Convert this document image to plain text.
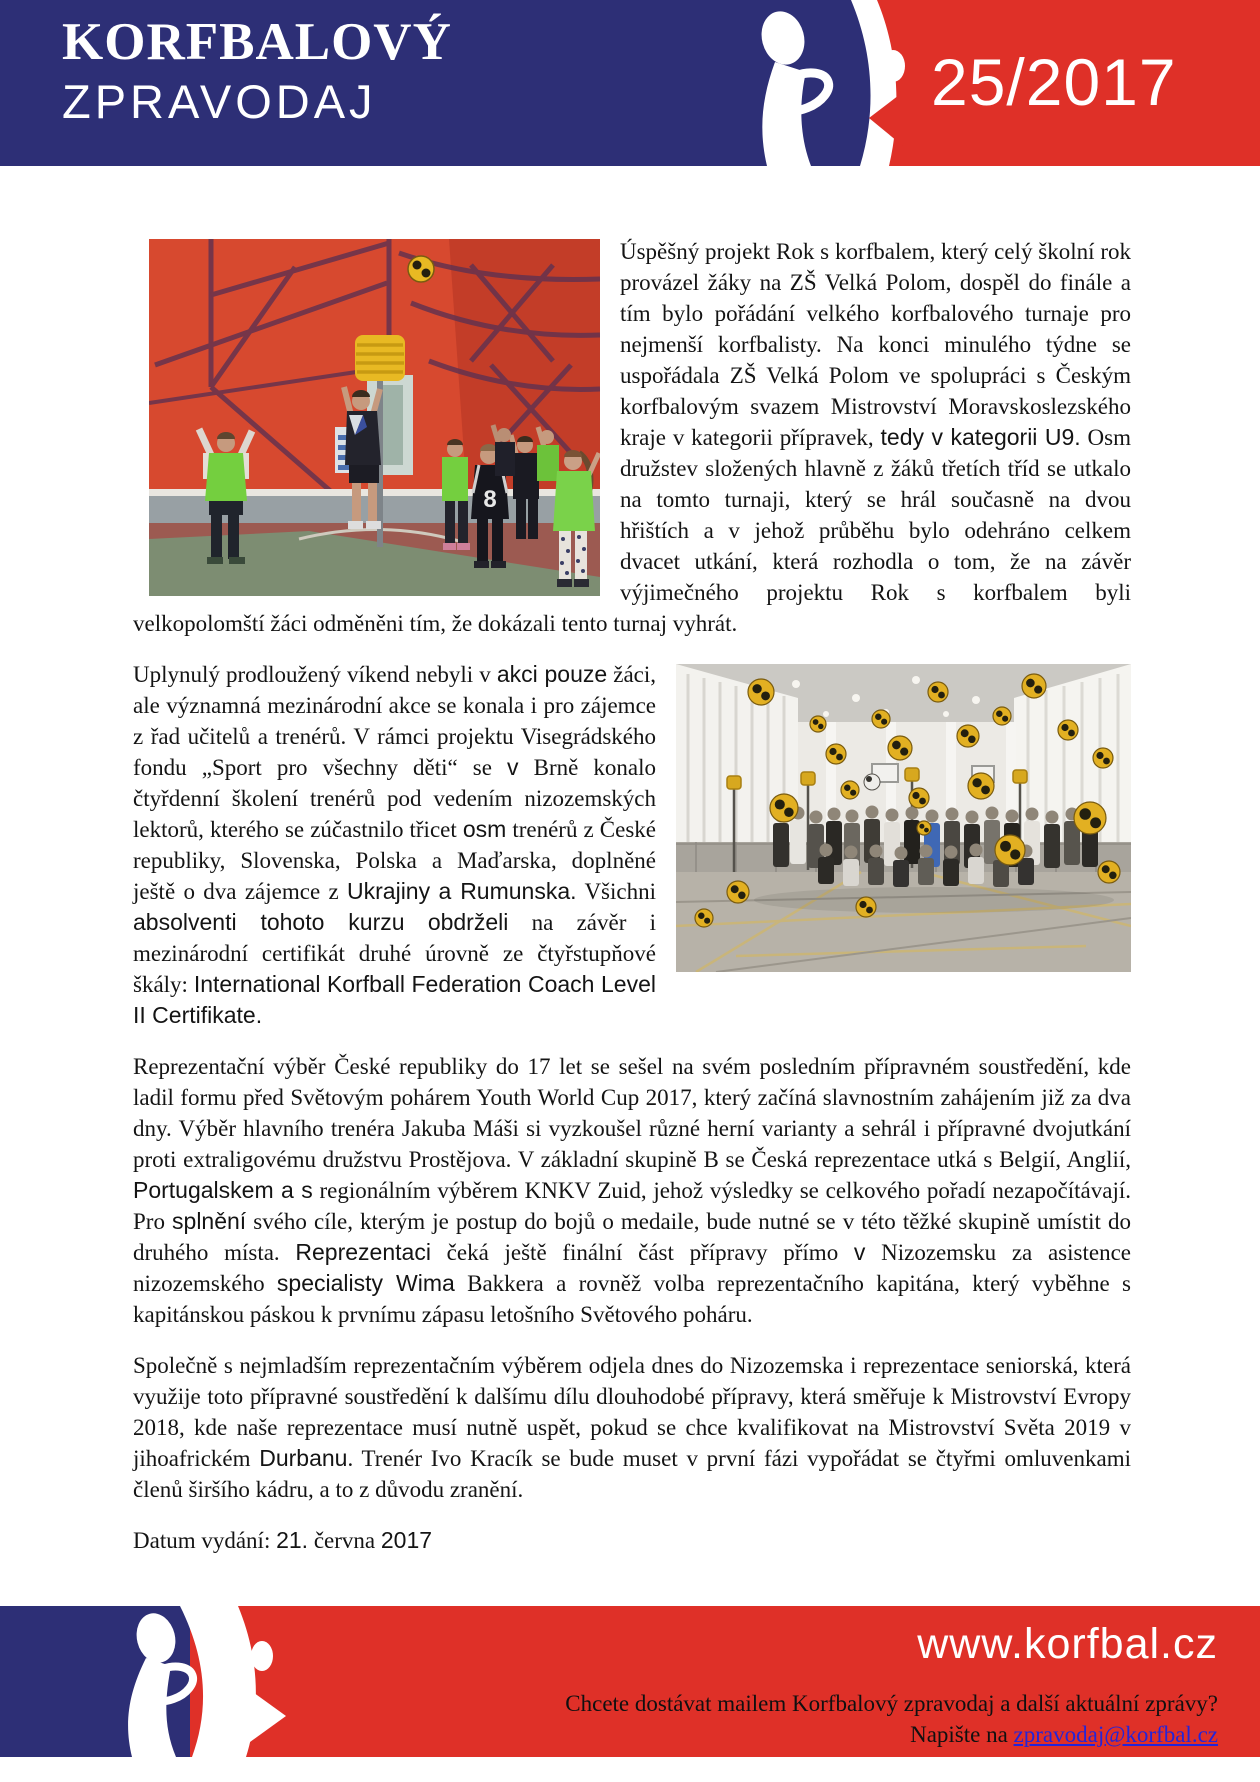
KORFBALOVÝ
ZPRAVODAJ	25/2017
8

Úspěšný projekt Rok s korfbalem, který celý školní rok provázel žáky na ZŠ Velká Polom, dospěl do finále a tím bylo pořádání velkého korfbalového turnaje pro nejmenší korfbalisty. Na konci minulého týdne se uspořádala ZŠ Velká Polom ve spolupráci s Českým korfbalovým svazem Mistrovství Moravskoslezského kraje v kategorii přípravek, tedy v kategorii U9. Osm družstev složených hlavně z žáků třetích tříd se utkalo na tomto turnaji, který se hrál současně na dvou hřištích a v jehož průběhu bylo odehráno celkem dvacet utkání, která rozhodla o tom, že na závěr výjimečného projektu Rok s korfbalem byli velkopolomští žáci odměněni tím, že dokázali tento turnaj vyhrát.

Uplynulý prodloužený víkend nebyli v akci pouze žáci, ale významná mezinárodní akce se konala i pro zájemce z řad učitelů a trenérů. V rámci projektu Visegrádského fondu „Sport pro všechny děti“ se v Brně konalo čtyřdenní školení trenérů pod vedením nizozemských lektorů, kterého se zúčastnilo třicet osm trenérů z České republiky, Slovenska, Polska a Maďarska, doplněné ještě o dva zájemce z Ukrajiny a Rumunska. Všichni absolventi tohoto kurzu obdrželi na závěr i mezinárodní certifikát druhé úrovně ze čtyřstupňové škály: International Korfball Federation Coach Level II Certifikate.

Reprezentační výběr České republiky do 17 let se sešel na svém posledním přípravném soustředění, kde ladil formu před Světovým pohárem Youth World Cup 2017, který začíná slavnostním zahájením již za dva dny. Výběr hlavního trenéra Jakuba Máši si vyzkoušel různé herní varianty a sehrál i přípravné dvojutkání proti extraligovému družstvu Prostějova. V základní skupině B se Česká reprezentace utká s Belgií, Anglií, Portugalskem a s regionálním výběrem KNKV Zuid, jehož výsledky se celkového pořadí nezapočítávají. Pro splnění svého cíle, kterým je postup do bojů o medaile, bude nutné se v této těžké skupině umístit do druhého místa. Reprezentaci čeká ještě finální část přípravy přímo v Nizozemsku za asistence nizozemského specialisty Wima Bakkera a rovněž volba reprezentačního kapitána, který vyběhne s kapitánskou páskou k prvnímu zápasu letošního Světového poháru.

Společně s nejmladším reprezentačním výběrem odjela dnes do Nizozemska i reprezentace seniorská, která využije toto přípravné soustředění k dalšímu dílu dlouhodobé přípravy, která směřuje k Mistrovství Evropy 2018, kde naše reprezentace musí nutně uspět, pokud se chce kvalifikovat na Mistrovství Světa 2019 v jihoafrickém Durbanu. Trenér Ivo Kracík se bude muset v první fázi vypořádat se čtyřmi omluvenkami členů širšího kádru, a to z důvodu zranění.

Datum vydání: 21. června 2017

www.korfbal.cz
Chcete dostávat mailem Korfbalový zpravodaj a další aktuální zprávy?
Napište na zpravodaj@korfbal.cz
